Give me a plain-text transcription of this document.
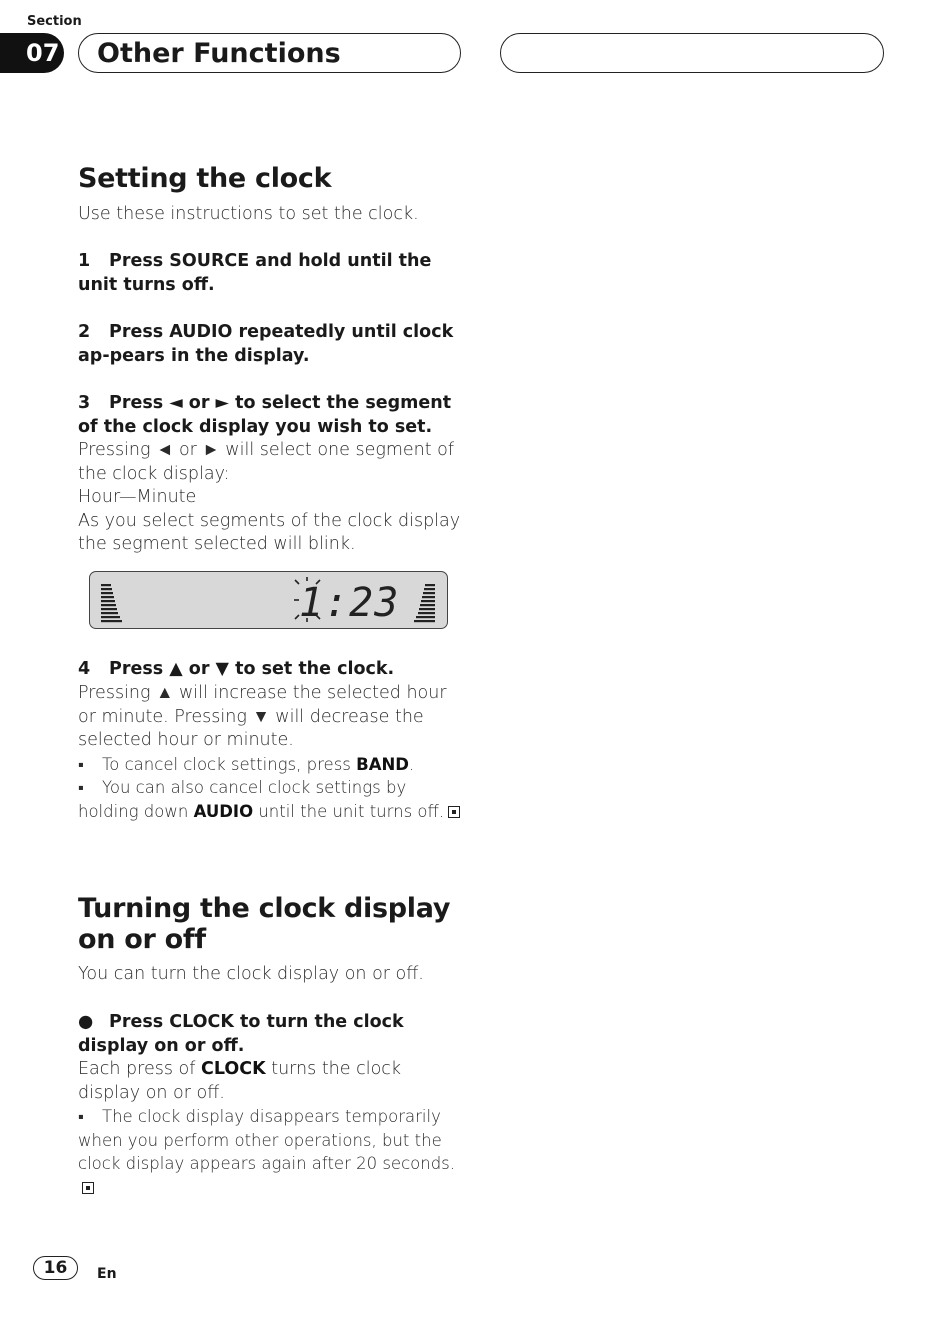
Section
07 Other Functions
Setting the clock
Use these instructions to set the clock.
1 Press SOURCE and hold until the unit turns off.
2 Press AUDIO repeatedly until clock ap-pears in the display.
3 Press ◄ or ► to select the segment of the clock display you wish to set.
Pressing ◄ or ► will select one segment of the clock display:
Hour—Minute
As you select segments of the clock display the segment selected will blink.
1:23
4 Press ▲ or ▼ to set the clock.
Pressing ▲ will increase the selected hour or minute. Pressing ▼ will decrease the selected hour or minute.
▪ To cancel clock settings, press BAND.
▪ You can also cancel clock settings by holding down AUDIO until the unit turns off.
Turning the clock display
on or off
You can turn the clock display on or off.
● Press CLOCK to turn the clock display on or off.
Each press of CLOCK turns the clock display on or off.
▪ The clock display disappears temporarily when you perform other operations, but the clock display appears again after 20 seconds.
16	En
